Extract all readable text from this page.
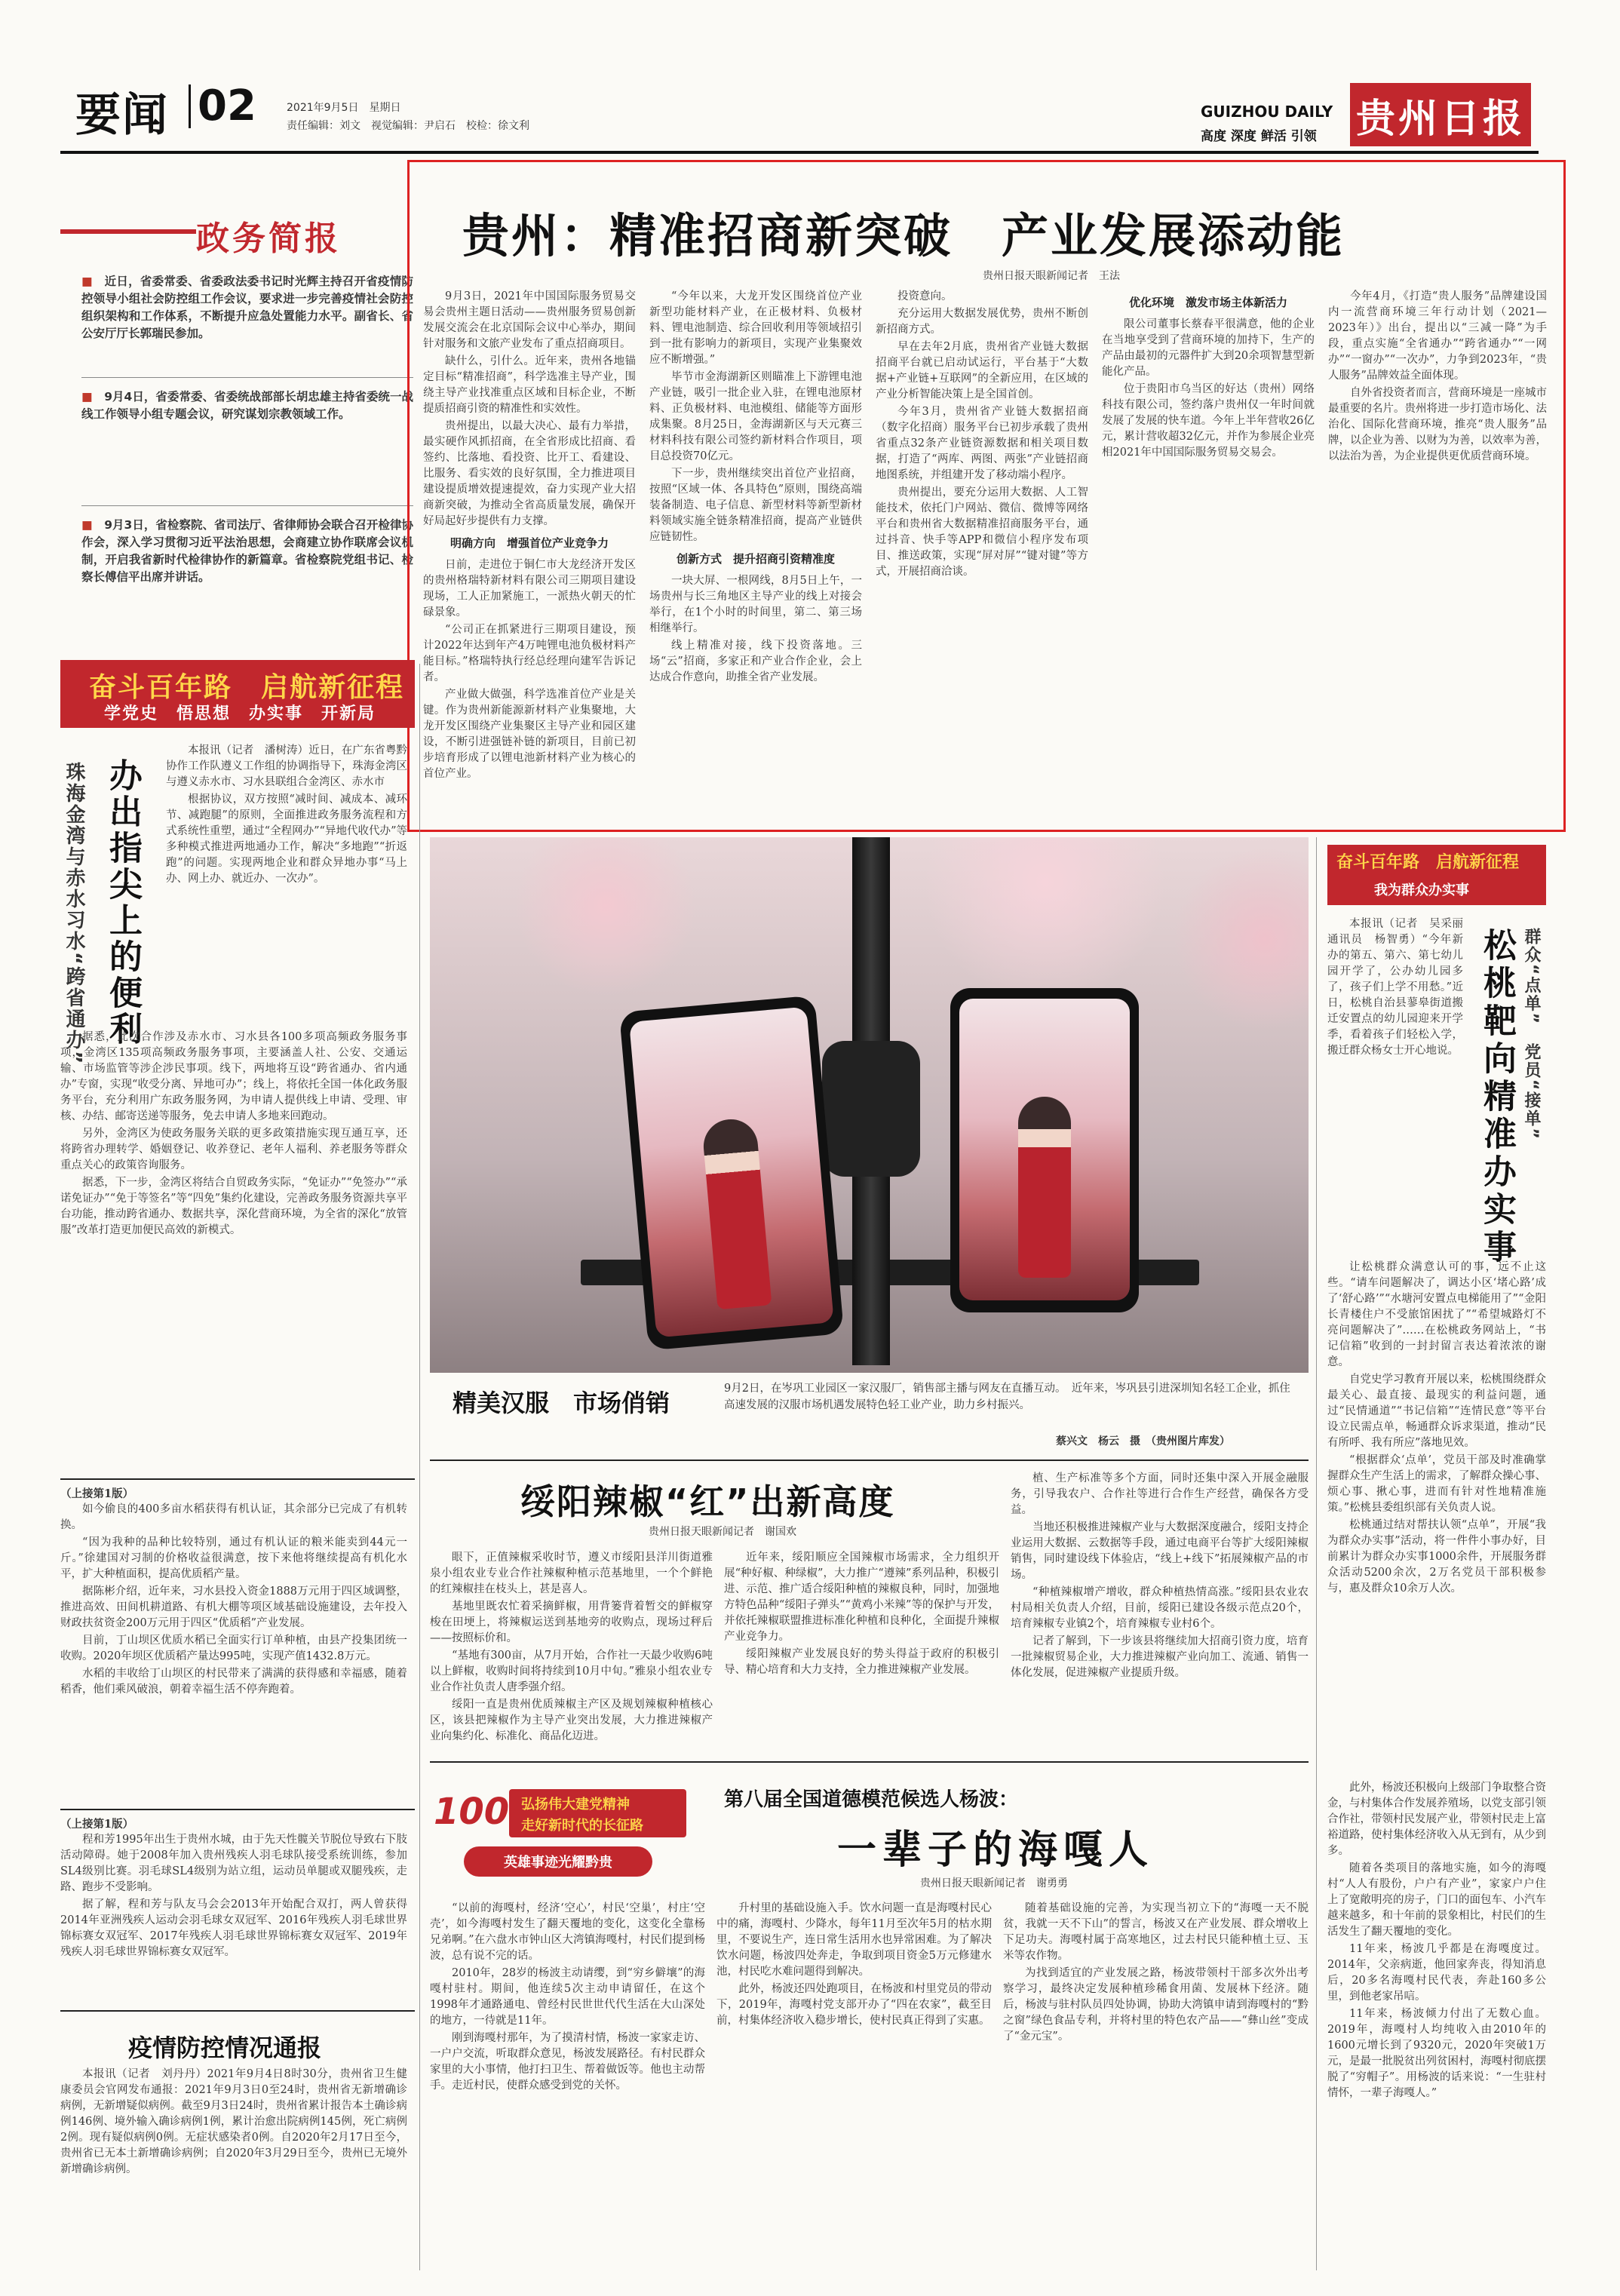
要闻 02	2021年9月5日　星期日
责任编辑：刘文　视觉编辑：尹启石　校检：徐文利
GUIZHOU DAILY
高度 深度 鲜活 引领 贵州日报
政务简报
■　 近日，省委常委、省委政法委书记时光辉主持召开省疫情防控领导小组社会防控组工作会议，要求进一步完善疫情社会防控组织架构和工作体系，不断提升应急处置能力水平。副省长、省公安厅厅长郭瑞民参加。
■　 9月4日，省委常委、省委统战部部长胡忠雄主持省委统一战线工作领导小组专题会议，研究谋划宗教领域工作。
■　 9月3日，省检察院、省司法厅、省律师协会联合召开检律协作会，深入学习贯彻习近平法治思想，会商建立协作联席会议机制，开启我省新时代检律协作的新篇章。省检察院党组书记、检察长傅信平出席并讲话。
贵州：精准招商新突破　产业发展添动能
贵州日报天眼新闻记者　王法

9月3日，2021年中国国际服务贸易交易会贵州主题日活动——贵州服务贸易创新发展交流会在北京国际会议中心举办，期间针对服务和文旅产业发布了重点招商项目。

缺什么，引什么。近年来，贵州各地锚定目标“精准招商”，科学选准主导产业，围绕主导产业找准重点区域和目标企业，不断提质招商引资的精准性和实效性。

贵州提出，以最大决心、最有力举措，最实硬作风抓招商，在全省形成比招商、看签约、比落地、看投资、比开工、看建设、比服务、看实效的良好氛围，全力推进项目建设提质增效提速提效，奋力实现产业大招商新突破，为推动全省高质量发展，确保开好局起好步提供有力支撑。

明确方向　增强首位产业竞争力

日前，走进位于铜仁市大龙经济开发区的贵州格瑞特新材料有限公司三期项目建设现场，工人正加紧施工，一派热火朝天的忙碌景象。

“公司正在抓紧进行三期项目建设，预计2022年达到年产4万吨锂电池负极材料产能目标。”格瑞特执行经总经理向建军告诉记者。

产业做大做强，科学选准首位产业是关键。作为贵州新能源新材料产业集聚地，大龙开发区围绕产业集聚区主导产业和园区建设，不断引进强链补链的新项目，目前已初步培育形成了以锂电池新材料产业为核心的首位产业。

“今年以来，大龙开发区围绕首位产业新型功能材料产业，在正极材料、负极材料、锂电池制造、综合回收利用等领域招引到一批有影响力的新项目，实现产业集聚效应不断增强。”

毕节市金海湖新区则瞄准上下游锂电池产业链，吸引一批企业入驻，在锂电池原材料、正负极材料、电池模组、储能等方面形成集聚。8月25日，金海湖新区与天元赛三材料科技有限公司签约新材料合作项目，项目总投资70亿元。

下一步，贵州继续突出首位产业招商，按照“区域一体、各具特色”原则，围绕高端装备制造、电子信息、新型材料等新型新材料领域实施全链条精准招商，提高产业链供应链韧性。

创新方式　提升招商引资精准度

一块大屏、一根网线，8月5日上午，一场贵州与长三角地区主导产业的线上对接会举行，在1个小时的时间里，第二、第三场相继举行。

线上精准对接，线下投资落地。三场“云”招商，多家正和产业合作企业，会上达成合作意向，助推全省产业发展。

投资意向。

充分运用大数据发展优势，贵州不断创新招商方式。

早在去年2月底，贵州省产业链大数据招商平台就已启动试运行，平台基于“大数据+产业链+互联网”的全新应用，在区域的产业分析智能决策上是全国首创。

今年3月，贵州省产业链大数据招商（数字化招商）服务平台已初步承载了贵州省重点32条产业链资源数据和相关项目数据，打造了“两库、两图、两张”产业链招商地图系统，并组建开发了移动端小程序。

贵州提出，要充分运用大数据、人工智能技术，依托门户网站、微信、微博等网络平台和贵州省大数据精准招商服务平台，通过抖音、快手等APP和微信小程序发布项目、推送政策，实现“屏对屏”“键对键”等方式，开展招商洽谈。

优化环境　激发市场主体新活力

限公司董事长蔡春平很满意，他的企业在当地享受到了营商环境的加持下，生产的产品由最初的元器件扩大到20余项智慧型新能化产品。

位于贵阳市乌当区的好达（贵州）网络科技有限公司，签约落户贵州仅一年时间就发展了发展的快车道。今年上半年营收26亿元，累计营收超32亿元，并作为参展企业亮相2021年中国国际服务贸易交易会。

今年4月，《打造“贵人服务”品牌建设国内一流营商环境三年行动计划（2021—2023年）》出台，提出以“三减一降”为手段，重点实施“全省通办”“跨省通办”“一网办”“一窗办”“一次办”，力争到2023年，“贵人服务”品牌效益全面体现。

自外省投资者而言，营商环境是一座城市最重要的名片。贵州将进一步打造市场化、法治化、国际化营商环境，推亮“贵人服务”品牌，以企业为善、以财为为善，以效率为善，以法治为善，为企业提供更优质营商环境。

奋斗百年路　启航新征程
学党史　悟思想　办实事　开新局
办出指尖上的便利
珠海金湾与赤水习水“跨省通办”

本报讯（记者　潘树涛）近日，在广东省粤黔协作工作队遵义工作组的协调指导下，珠海金湾区与遵义赤水市、习水县联组合金湾区、赤水市

根据协议，双方按照“减时间、减成本、减环节、减跑腿”的原则，全面推进政务服务流程和方式系统性重塑，通过“全程网办”“异地代收代办”等多种模式推进两地通办工作，解决“多地跑”“折返跑”的问题。实现两地企业和群众异地办事“马上办、网上办、就近办、一次办”。

据悉，此次合作涉及赤水市、习水县各100多项高频政务服务事项，金湾区135项高频政务服务事项，主要涵盖人社、公安、交通运输、市场监管等涉企涉民事项。线下，两地将互设“跨省通办、省内通办”专窗，实现“收受分离、异地可办”；线上，将依托全国一体化政务服务平台，充分利用广东政务服务网，为申请人提供线上申请、受理、审核、办结、邮寄送递等服务，免去申请人多地来回跑动。

另外，金湾区为使政务服务关联的更多政策措施实现互通互享，还将跨省办理转学、婚姻登记、收养登记、老年人福利、养老服务等群众重点关心的政策咨询服务。

据悉，下一步，金湾区将结合自贸政务实际，“免证办”“免签办”“承诺免证办”“免于等签名”等“四免”集约化建设，完善政务服务资源共享平台功能，推动跨省通办、数据共享，深化营商环境，为全省的深化“放管服”改革打造更加便民高效的新模式。

（上接第1版）

如今偷良的400多亩水稻获得有机认证，其余部分已完成了有机转换。

“因为我种的品种比较特别，通过有机认证的粮米能卖到44元一斤。”徐建国对习制的价格收益很满意，按下来他将继续提高有机化水平，扩大种植面积，提高优质稻产量。

据陈彬介绍，近年来，习水县投入资金1888万元用于四区域调整，推进高效、田间机耕道路、有机大棚等项区域基础设施建设，去年投入财政扶贫资金200万元用于四区“优质稻”产业发展。

目前，丁山坝区优质水稻已全面实行订单种植，由县产投集团统一收购。2020年坝区优质稻产量达995吨，实现产值1432.8万元。

水稻的丰收给丁山坝区的村民带来了满满的获得感和幸福感，随着稻香，他们乘风破浪，朝着幸福生活不停奔跑着。

（上接第1版）

程和芳1995年出生于贵州水城，由于先天性髋关节脱位导致右下肢活动障碍。她于2008年加入贵州残疾人羽毛球队接受系统训练，参加SL4级别比赛。羽毛球SL4级别为站立组，运动员单腿或双腿残疾，走路、跑步不受影响。

据了解，程和芳与队友马会会2013年开始配合双打，两人曾获得2014年亚洲残疾人运动会羽毛球女双冠军、2016年残疾人羽毛球世界锦标赛女双冠军、2017年残疾人羽毛球世界锦标赛女双冠军、2019年残疾人羽毛球世界锦标赛女双冠军。

疫情防控情况通报

本报讯（记者　刘丹丹）2021年9月4日8时30分，贵州省卫生健康委员会官网发布通报：2021年9月3日0至24时，贵州省无新增确诊病例，无新增疑似病例。截至9月3日24时，贵州省累计报告本土确诊病例146例、境外输入确诊病例1例，累计治愈出院病例145例，死亡病例2例。现有疑似病例0例。无症状感染者0例。自2020年2月17日至今，贵州省已无本土新增确诊病例；自2020年3月29日至今，贵州已无境外新增确诊病例。

精美汉服　市场俏销	9月2日，在岑巩工业园区一家汉服厂，销售部主播与网友在直播互动。　近年来，岑巩县引进深圳知名轻工企业，抓住高速发展的汉服市场机遇发展特色轻工业产业，助力乡村振兴。
蔡兴文　杨云　摄　（贵州图片库发）
奋斗百年路　启航新征程
我为群众办实事
松桃靶向精准办实事 群众“点单”　党员“接单”

本报讯（记者　吴采丽　通讯员　杨智勇）“今年新办的第五、第六、第七幼儿园开学了，公办幼儿园多了，孩子们上学不用愁。”近日，松桃自治县蓼皋街道搬迁安置点的幼儿园迎来开学季，看着孩子们轻松入学，搬迁群众杨女士开心地说。

让松桃群众满意认可的事，远不止这些。“请车问题解决了，调达小区‘堵心路’成了‘舒心路’”“水塘河安置点电梯能用了”“金阳长青楼住户不受旅馆困扰了”“希望城路灯不亮问题解决了”……在松桃政务网站上，“书记信箱”收到的一封封留言表达着浓浓的谢意。

自党史学习教育开展以来，松桃围绕群众最关心、最直接、最现实的利益问题，通过“民情通道”“书记信箱”“连情民意”等平台设立民需点单，畅通群众诉求渠道，推动“民有所呼、我有所应”落地见效。

“根据群众‘点单’，党员干部及时准确掌握群众生产生活上的需求，了解群众操心事、烦心事、揪心事，进而有针对性地精准施策。”松桃县委组织部有关负责人说。

松桃通过结对帮扶认领“点单”，开展“我为群众办实事”活动，将一件件小事办好，目前累计为群众办实事1000余件，开展服务群众活动5200余次，2万名党员干部积极参与，惠及群众10余万人次。

绥阳辣椒“红”出新高度
贵州日报天眼新闻记者　谢国欢

眼下，正值辣椒采收时节，遵义市绥阳县洋川街道雅泉小组农业专业合作社辣椒种植示范基地里，一个个鲜艳的红辣椒挂在枝头上，甚是喜人。

基地里既农忙着采摘鲜椒，用背篓背着暂交的鲜椒穿梭在田埂上，将辣椒运送到基地旁的收购点，现场过秤后——按照标价和。

“基地有300亩，从7月开始，合作社一天最少收购6吨以上鲜椒，收购时间将持续到10月中旬。”雅泉小组农业专业合作社负责人唐季强介绍。

绥阳一直是贵州优质辣椒主产区及规划辣椒种植核心区，该县把辣椒作为主导产业突出发展，大力推进辣椒产业向集约化、标准化、商品化迈进。

近年来，绥阳顺应全国辣椒市场需求，全力组织开展“种好椒、种绿椒”，大力推广“遵辣”系列品种，积极引进、示范、推广适合绥阳种植的辣椒良种，同时，加强地方特色品种“绥阳子弹头”“黄鸡小米辣”等的保护与开发，并依托辣椒联盟推进标准化种植和良种化，全面提升辣椒产业竞争力。

绥阳辣椒产业发展良好的势头得益于政府的积极引导、精心培育和大力支持，全力推进辣椒产业发展。

植、生产标准等多个方面，同时还集中深入开展金融服务，引导我农户、合作社等进行合作生产经营，确保各方受益。

当地还积极推进辣椒产业与大数据深度融合，绥阳支持企业运用大数据、云数据等手段，通过电商平台等扩大绥阳辣椒销售，同时建设线下体验店，“线上+线下”拓展辣椒产品的市场。

“种植辣椒增产增收，群众种植热情高涨。”绥阳县农业农村局相关负责人介绍，目前，绥阳已建设各级示范点20个，培育辣椒专业镇2个，培育辣椒专业村6个。

记者了解到，下一步该县将继续加大招商引资力度，培育一批辣椒贸易企业，大力推进辣椒产业向加工、流通、销售一体化发展，促进辣椒产业提质升级。

100 弘扬伟大建党精神
走好新时代的长征路
英雄事迹光耀黔贵
第八届全国道德模范候选人杨波：
一辈子的海嘎人
贵州日报天眼新闻记者　谢勇勇

“以前的海嘎村，经济‘空心’，村民‘空巢’，村庄‘空壳’，如今海嘎村发生了翻天覆地的变化，这变化全靠杨兄弟啊。”在六盘水市钟山区大湾镇海嘎村，村民们提到杨波，总有说不完的话。

2010年，28岁的杨波主动请缨，到“穷乡僻壤”的海嘎村驻村。期间，他连续5次主动申请留任，在这个1998年才通路通电、曾经村民世世代代生活在大山深处的地方，一待就是11年。

刚到海嘎村那年，为了摸清村情，杨波一家家走访、一户户交流，听取群众意见，杨波发展路径。有村民群众家里的大小事情，他打扫卫生、帮着做饭等。他也主动帮手。走近村民，使群众感受到党的关怀。

升村里的基础设施入手。饮水问题一直是海嘎村民心中的痛，海嘎村、少降水，每年11月至次年5月的枯水期里，不要说生产，连日常生活用水也异常困难。为了解决饮水问题，杨波四处奔走，争取到项目资金5万元修建水池，村民吃水难问题得到解决。

此外，杨波还四处跑项目，在杨波和村里党员的带动下，2019年，海嘎村党支部开办了“四在农家”，截至目前，村集体经济收入稳步增长，使村民真正得到了实惠。

随着基础设施的完善，为实现当初立下的“海嘎一天不脱贫，我就一天不下山”的誓言，杨波又在产业发展、群众增收上下足功夫。海嘎村属于高寒地区，过去村民只能种植土豆、玉米等农作物。

为找到适宜的产业发展之路，杨波带领村干部多次外出考察学习，最终决定发展种植珍稀食用菌、发展林下经济。随后，杨波与驻村队员四处协调，协助大湾镇申请到海嘎村的“黔之窗”绿色食品专利，并将村里的特色农产品——“彝山丝”变成了“金元宝”。

此外，杨波还积极向上级部门争取整合资金，与村集体合作发展养殖场，以党支部引领合作社，带领村民发展产业，带领村民走上富裕道路，使村集体经济收入从无到有，从少到多。

随着各类项目的落地实施，如今的海嘎村“人人有股份，户户有产业”，家家户户住上了宽敞明亮的房子，门口的面包车、小汽车越来越多，和十年前的景象相比，村民们的生活发生了翻天覆地的变化。

11年来，杨波几乎都是在海嘎度过。2014年，父亲病逝，他回家奔丧，得知消息后，20多名海嘎村民代表，奔赴160多公里，到他老家吊唁。

11年来，杨波倾力付出了无数心血。2019年，海嘎村人均纯收入由2010年的1600元增长到了9320元，2020年突破1万元，是最一批脱贫出列贫困村，海嘎村彻底摆脱了“穷帽子”。用杨波的话来说：“一生驻村情怀，一辈子海嘎人。”
